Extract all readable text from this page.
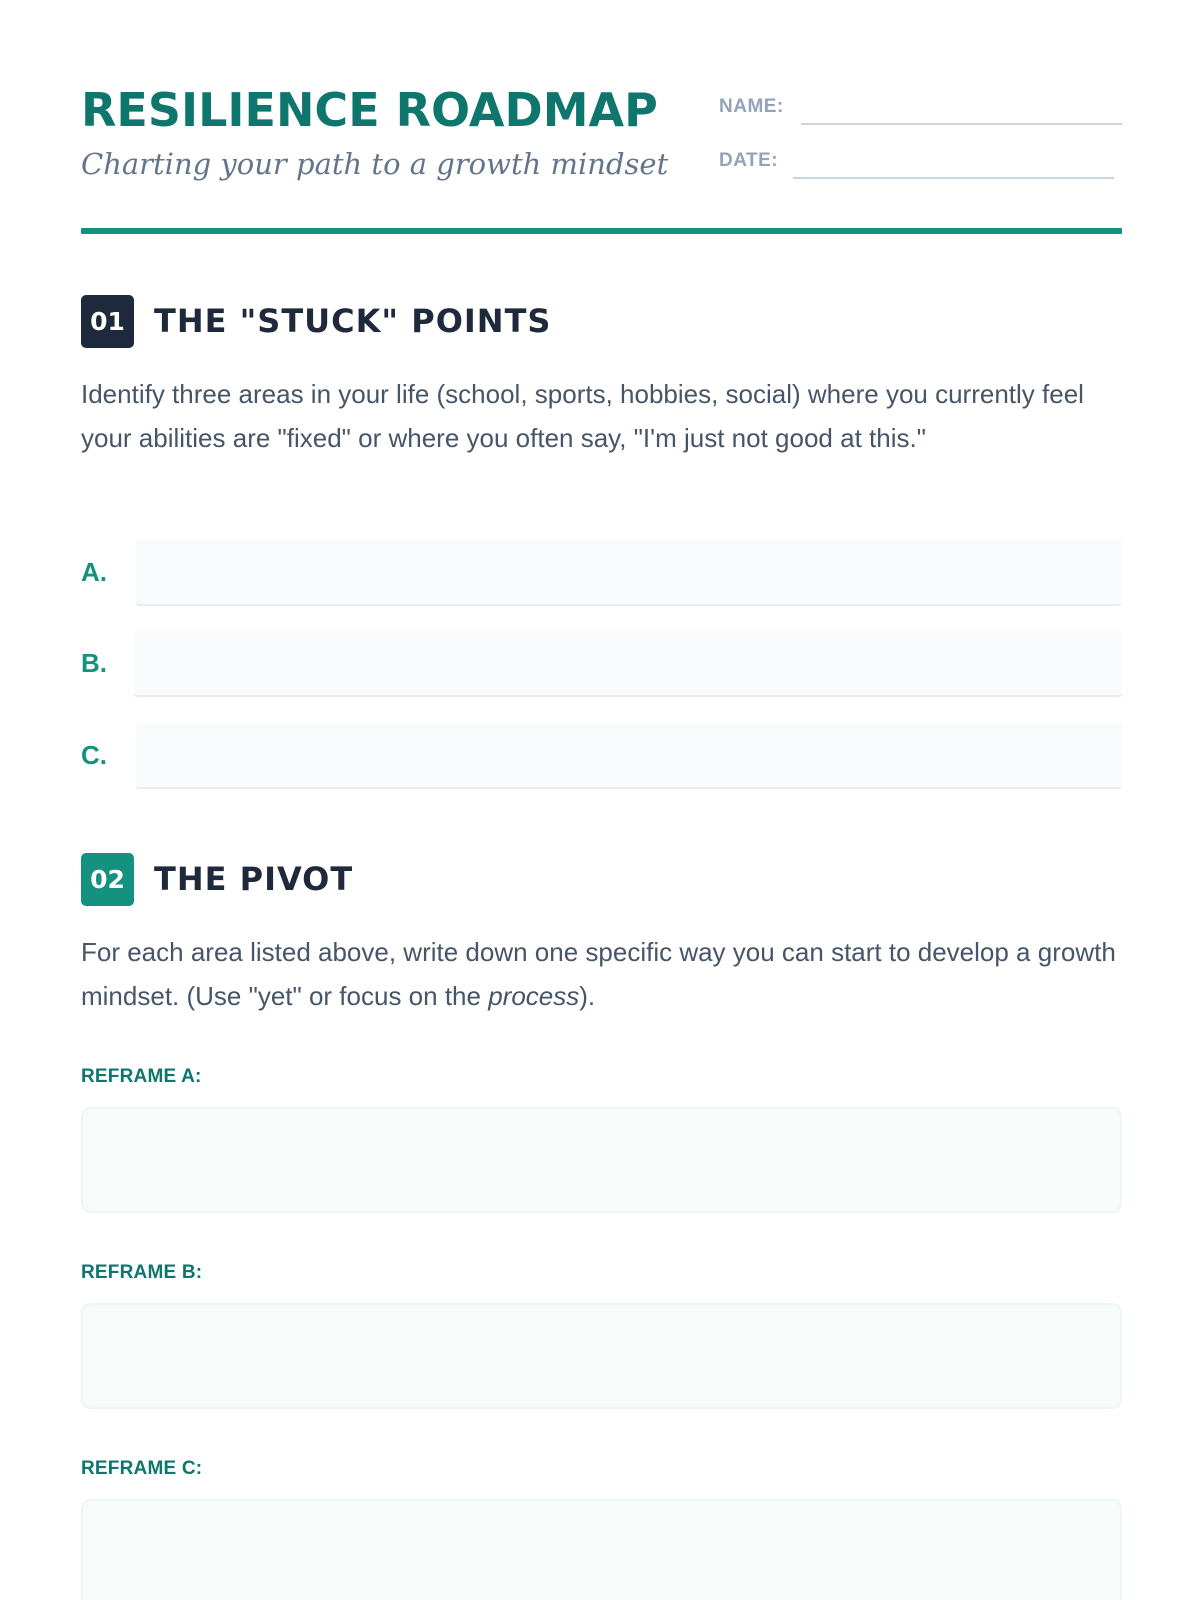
RESILIENCE ROADMAP
Charting your path to a growth mindset
NAME:
DATE:
01 THE "STUCK" POINTS
Identify three areas in your life (school, sports, hobbies, social) where you currently feel your abilities are "fixed" or where you often say, "I'm just not good at this."
A.
B.
C.
02 THE PIVOT
For each area listed above, write down one specific way you can start to develop a growth mindset. (Use "yet" or focus on the process).
REFRAME A:
REFRAME B:
REFRAME C:
